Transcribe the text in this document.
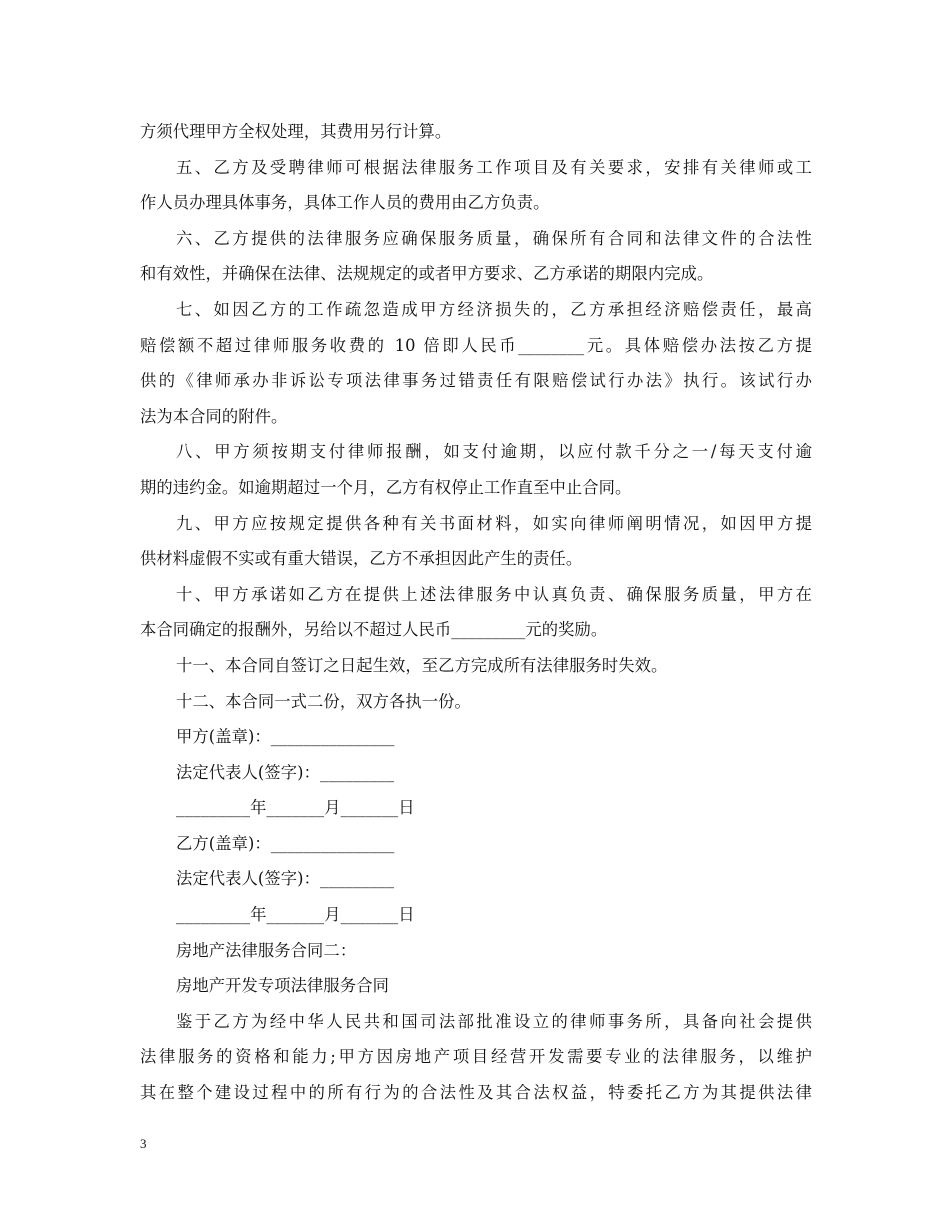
方须代理甲方全权处理，其费用另行计算。
五、乙方及受聘律师可根据法律服务工作项目及有关要求，安排有关律师或工
作人员办理具体事务，具体工作人员的费用由乙方负责。
六、乙方提供的法律服务应确保服务质量，确保所有合同和法律文件的合法性
和有效性，并确保在法律、法规规定的或者甲方要求、乙方承诺的期限内完成。
七、如因乙方的工作疏忽造成甲方经济损失的，乙方承担经济赔偿责任，最高
赔偿额不超过律师服务收费的 10 倍即人民币________元。具体赔偿办法按乙方提
供的《律师承办非诉讼专项法律事务过错责任有限赔偿试行办法》执行。该试行办
法为本合同的附件。
八、甲方须按期支付律师报酬，如支付逾期，以应付款千分之一/每天支付逾
期的违约金。如逾期超过一个月，乙方有权停止工作直至中止合同。
九、甲方应按规定提供各种有关书面材料，如实向律师阐明情况，如因甲方提
供材料虚假不实或有重大错误，乙方不承担因此产生的责任。
十、甲方承诺如乙方在提供上述法律服务中认真负责、确保服务质量，甲方在
本合同确定的报酬外，另给以不超过人民币_________元的奖励。
十一、本合同自签订之日起生效，至乙方完成所有法律服务时失效。
十二、本合同一式二份，双方各执一份。
甲方(盖章)：_______________
法定代表人(签字)：_________
_________年_______月_______日
乙方(盖章)：_______________
法定代表人(签字)：_________
_________年_______月_______日
房地产法律服务合同二：
房地产开发专项法律服务合同
鉴于乙方为经中华人民共和国司法部批准设立的律师事务所，具备向社会提供
法律服务的资格和能力;甲方因房地产项目经营开发需要专业的法律服务，以维护
其在整个建设过程中的所有行为的合法性及其合法权益，特委托乙方为其提供法律
3
